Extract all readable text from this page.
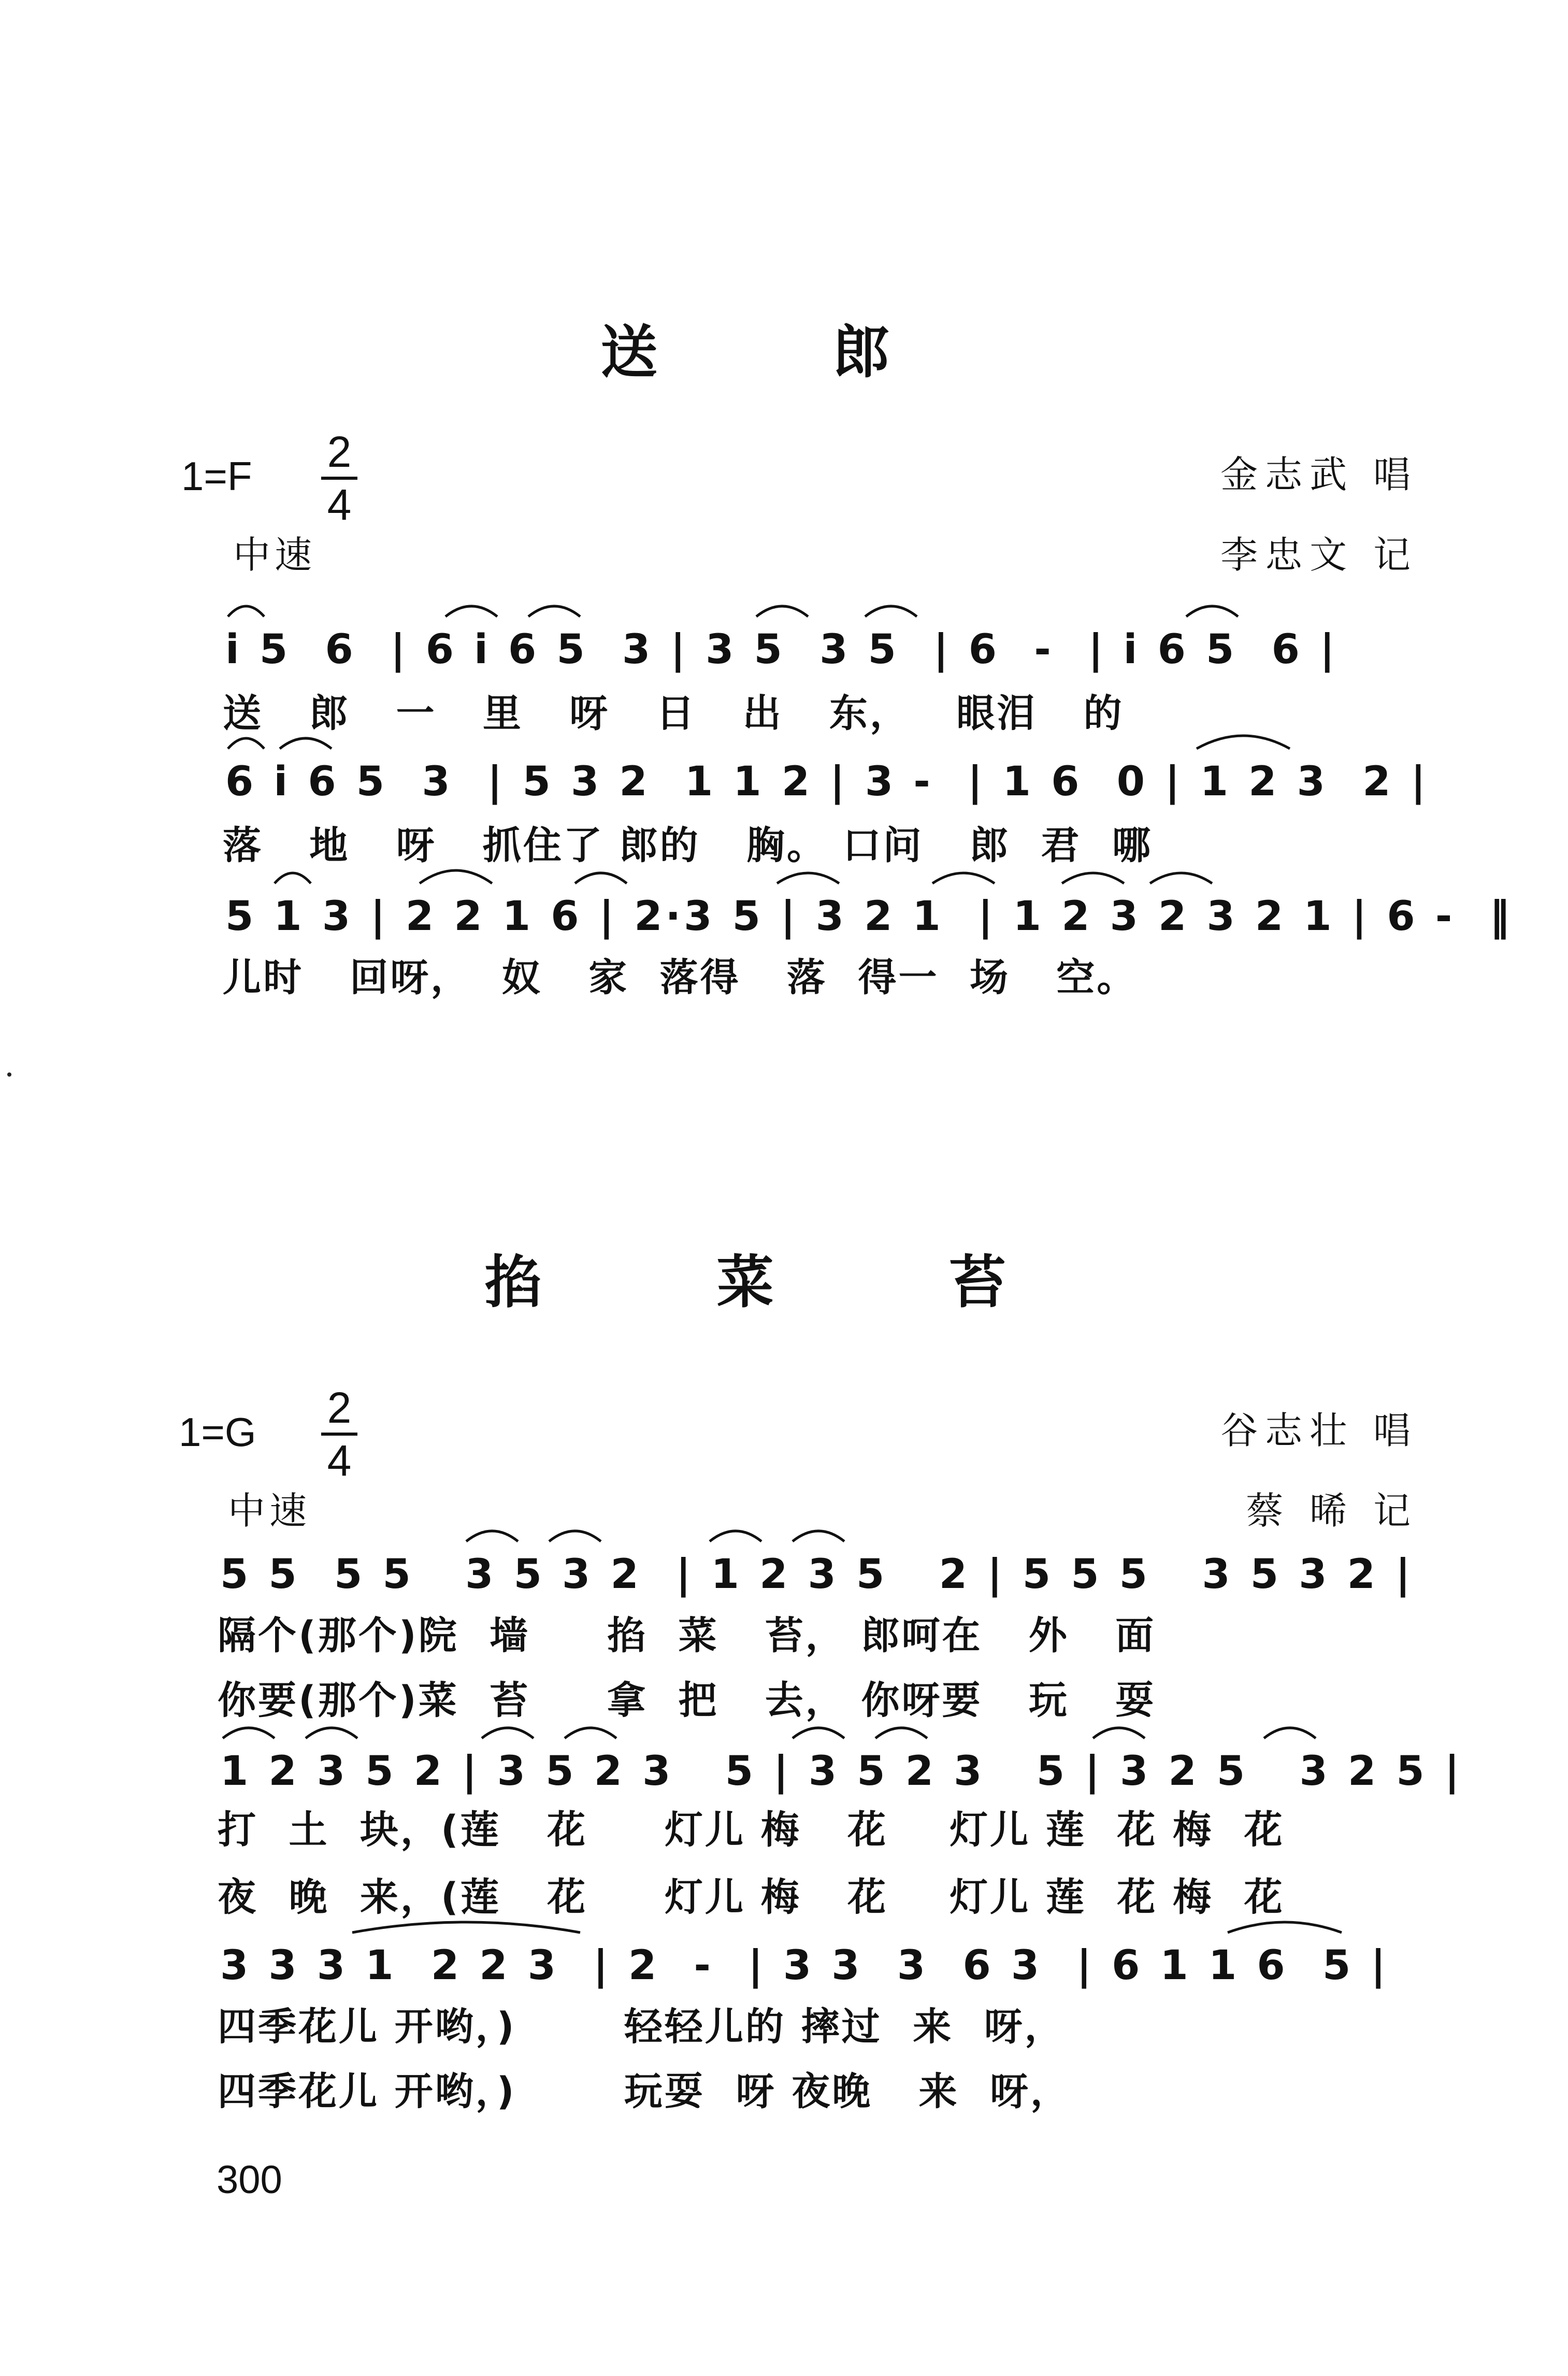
送 郎
1=F 2
4
金志武 唱
李忠文 记
中速
i 5  6  | 6 i 6 5  3 | 3 5  3 5  | 6  -  | i 6 5  6 |
送   郎   一   里   呀   日   出   东，   眼泪   的
6 i 6 5  3  | 5 3 2  1 1 2 | 3 -  | 1 6  0 | 1 2 3  2 |
落   地   呀   抓住了 郎的   胸。 口问   郎  君  哪
5 1 3 | 2 2 1 6 | 2·3 5 | 3 2 1  | 1 2 3 2 3 2 1 | 6 -  ‖
儿时   回呀，  奴   家  落得   落  得一  场   空。
掐 菜 苔
1=G 2
4
谷志壮 唱
蔡 晞 记
中速
5 5  5 5   3 5 3 2  | 1 2 3 5   2 | 5 5 5   3 5 3 2 |
隔个(那个)院  墙     掐  菜   苔， 郎呵在   外   面
你要(那个)菜  苔     拿  把   去， 你呀要   玩   耍
1 2 3 5 2 | 3 5 2 3   5 | 3 5 2 3   5 | 3 2 5   3 2 5 |
打  土  块，(莲   花     灯儿 梅   花    灯儿 莲  花 梅  花
夜  晚  来，(莲   花     灯儿 梅   花    灯儿 莲  花 梅  花
3 3 3 1  2 2 3  | 2  -  | 3 3  3  6 3  | 6 1 1 6  5 |
四季花儿 开哟，)       轻轻儿的 摔过  来  呀，
四季花儿 开哟，)       玩耍  呀 夜晚   来  呀，
300
